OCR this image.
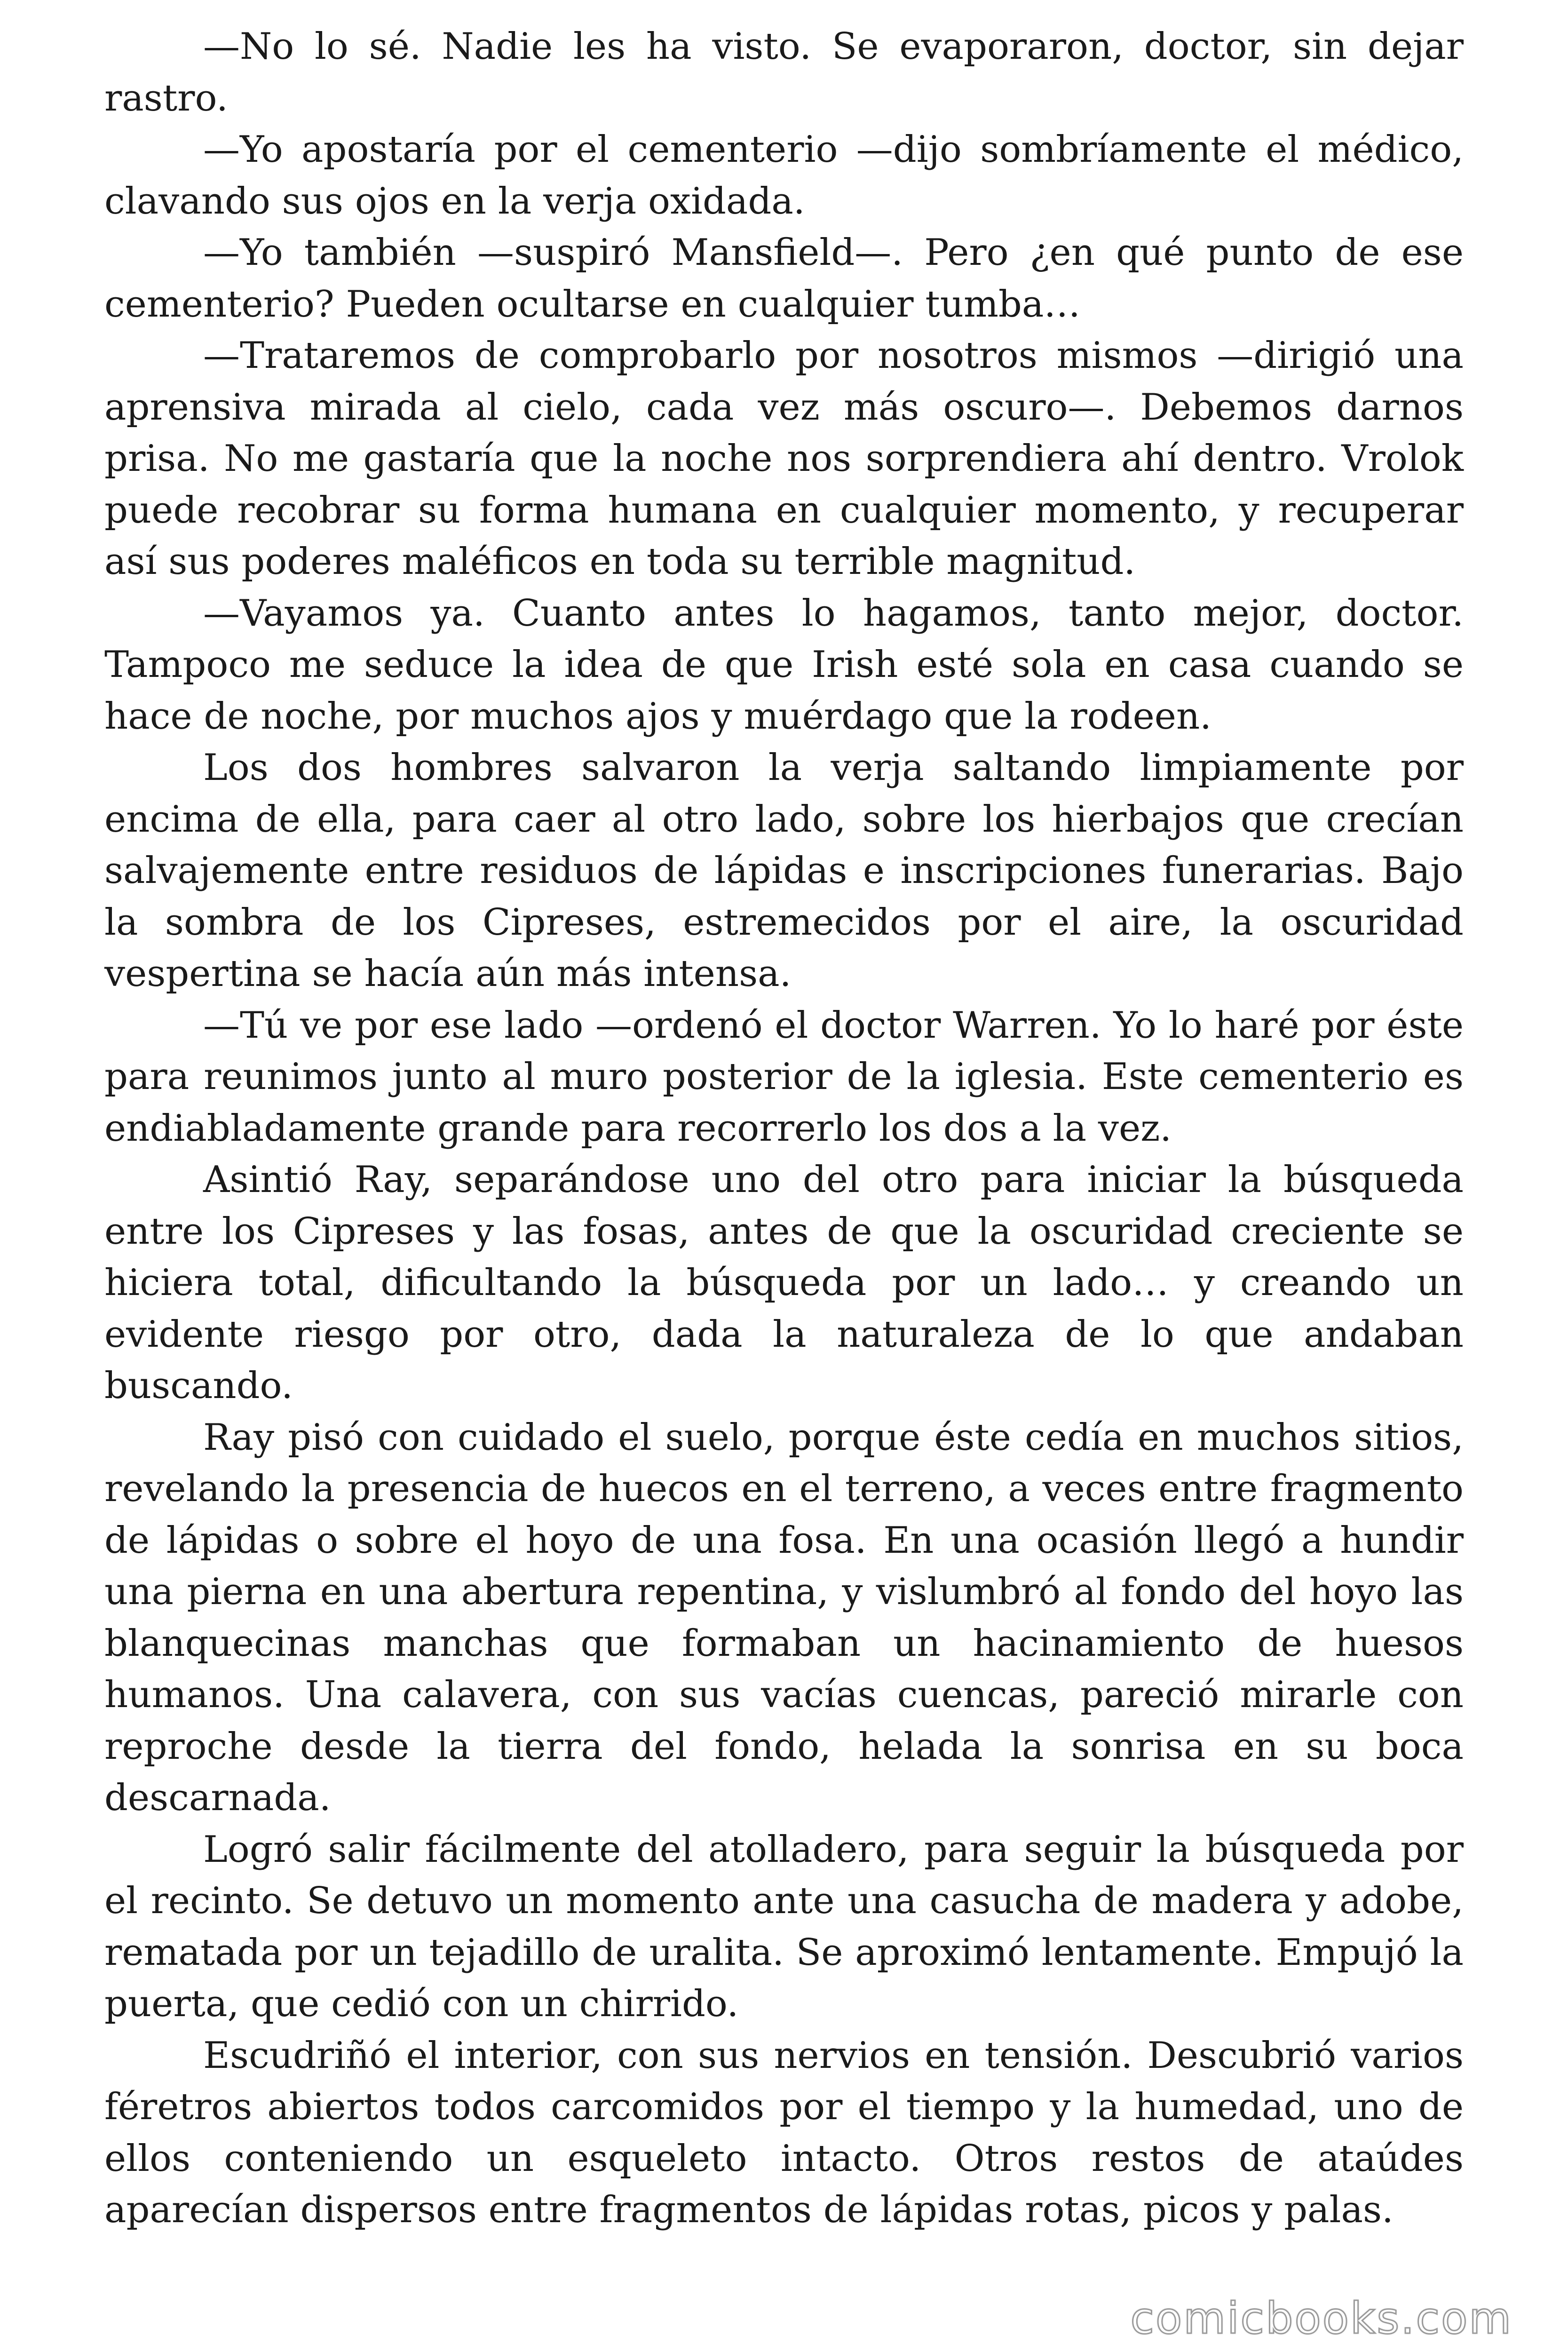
—No lo sé. Nadie les ha visto. Se evaporaron, doctor, sin dejar rastro.

—Yo apostaría por el cementerio —dijo sombríamente el médico, clavando sus ojos en la verja oxidada.

—Yo también —suspiró Mansfield—. Pero ¿en qué punto de ese cementerio? Pueden ocultarse en cualquier tumba…

—Trataremos de comprobarlo por nosotros mismos —dirigió una aprensiva mirada al cielo, cada vez más oscuro—. Debemos darnos prisa. No me gastaría que la noche nos sorprendiera ahí dentro. Vrolok puede recobrar su forma humana en cualquier momento, y recuperar así sus poderes maléficos en toda su terrible magnitud.

—Vayamos ya. Cuanto antes lo hagamos, tanto mejor, doctor. Tampoco me seduce la idea de que Irish esté sola en casa cuando se hace de noche, por muchos ajos y muérdago que la rodeen.

Los dos hombres salvaron la verja saltando limpiamente por encima de ella, para caer al otro lado, sobre los hierbajos que crecían salvajemente entre residuos de lápidas e inscripciones funerarias. Bajo la sombra de los Cipreses, estremecidos por el aire, la oscuridad vespertina se hacía aún más intensa.

—Tú ve por ese lado —ordenó el doctor Warren. Yo lo haré por éste para reunimos junto al muro posterior de la iglesia. Este cementerio es endiabladamente grande para recorrerlo los dos a la vez.

Asintió Ray, separándose uno del otro para iniciar la búsqueda entre los Cipreses y las fosas, antes de que la oscuridad creciente se hiciera total, dificultando la búsqueda por un lado… y creando un evidente riesgo por otro, dada la naturaleza de lo que andaban buscando.

Ray pisó con cuidado el suelo, porque éste cedía en muchos sitios, revelando la presencia de huecos en el terreno, a veces entre fragmento de lápidas o sobre el hoyo de una fosa. En una ocasión llegó a hundir una pierna en una abertura repentina, y vislumbró al fondo del hoyo las blanquecinas manchas que formaban un hacinamiento de huesos humanos. Una calavera, con sus vacías cuencas, pareció mirarle con reproche desde la tierra del fondo, helada la sonrisa en su boca descarnada.

Logró salir fácilmente del atolladero, para seguir la búsqueda por el recinto. Se detuvo un momento ante una casucha de madera y adobe, rematada por un tejadillo de uralita. Se aproximó lentamente. Empujó la puerta, que cedió con un chirrido.

Escudriñó el interior, con sus nervios en tensión. Descubrió varios féretros abiertos todos carcomidos por el tiempo y la humedad, uno de ellos conteniendo un esqueleto intacto. Otros restos de ataúdes aparecían dispersos entre fragmentos de lápidas rotas, picos y palas.

comicbooks.com
